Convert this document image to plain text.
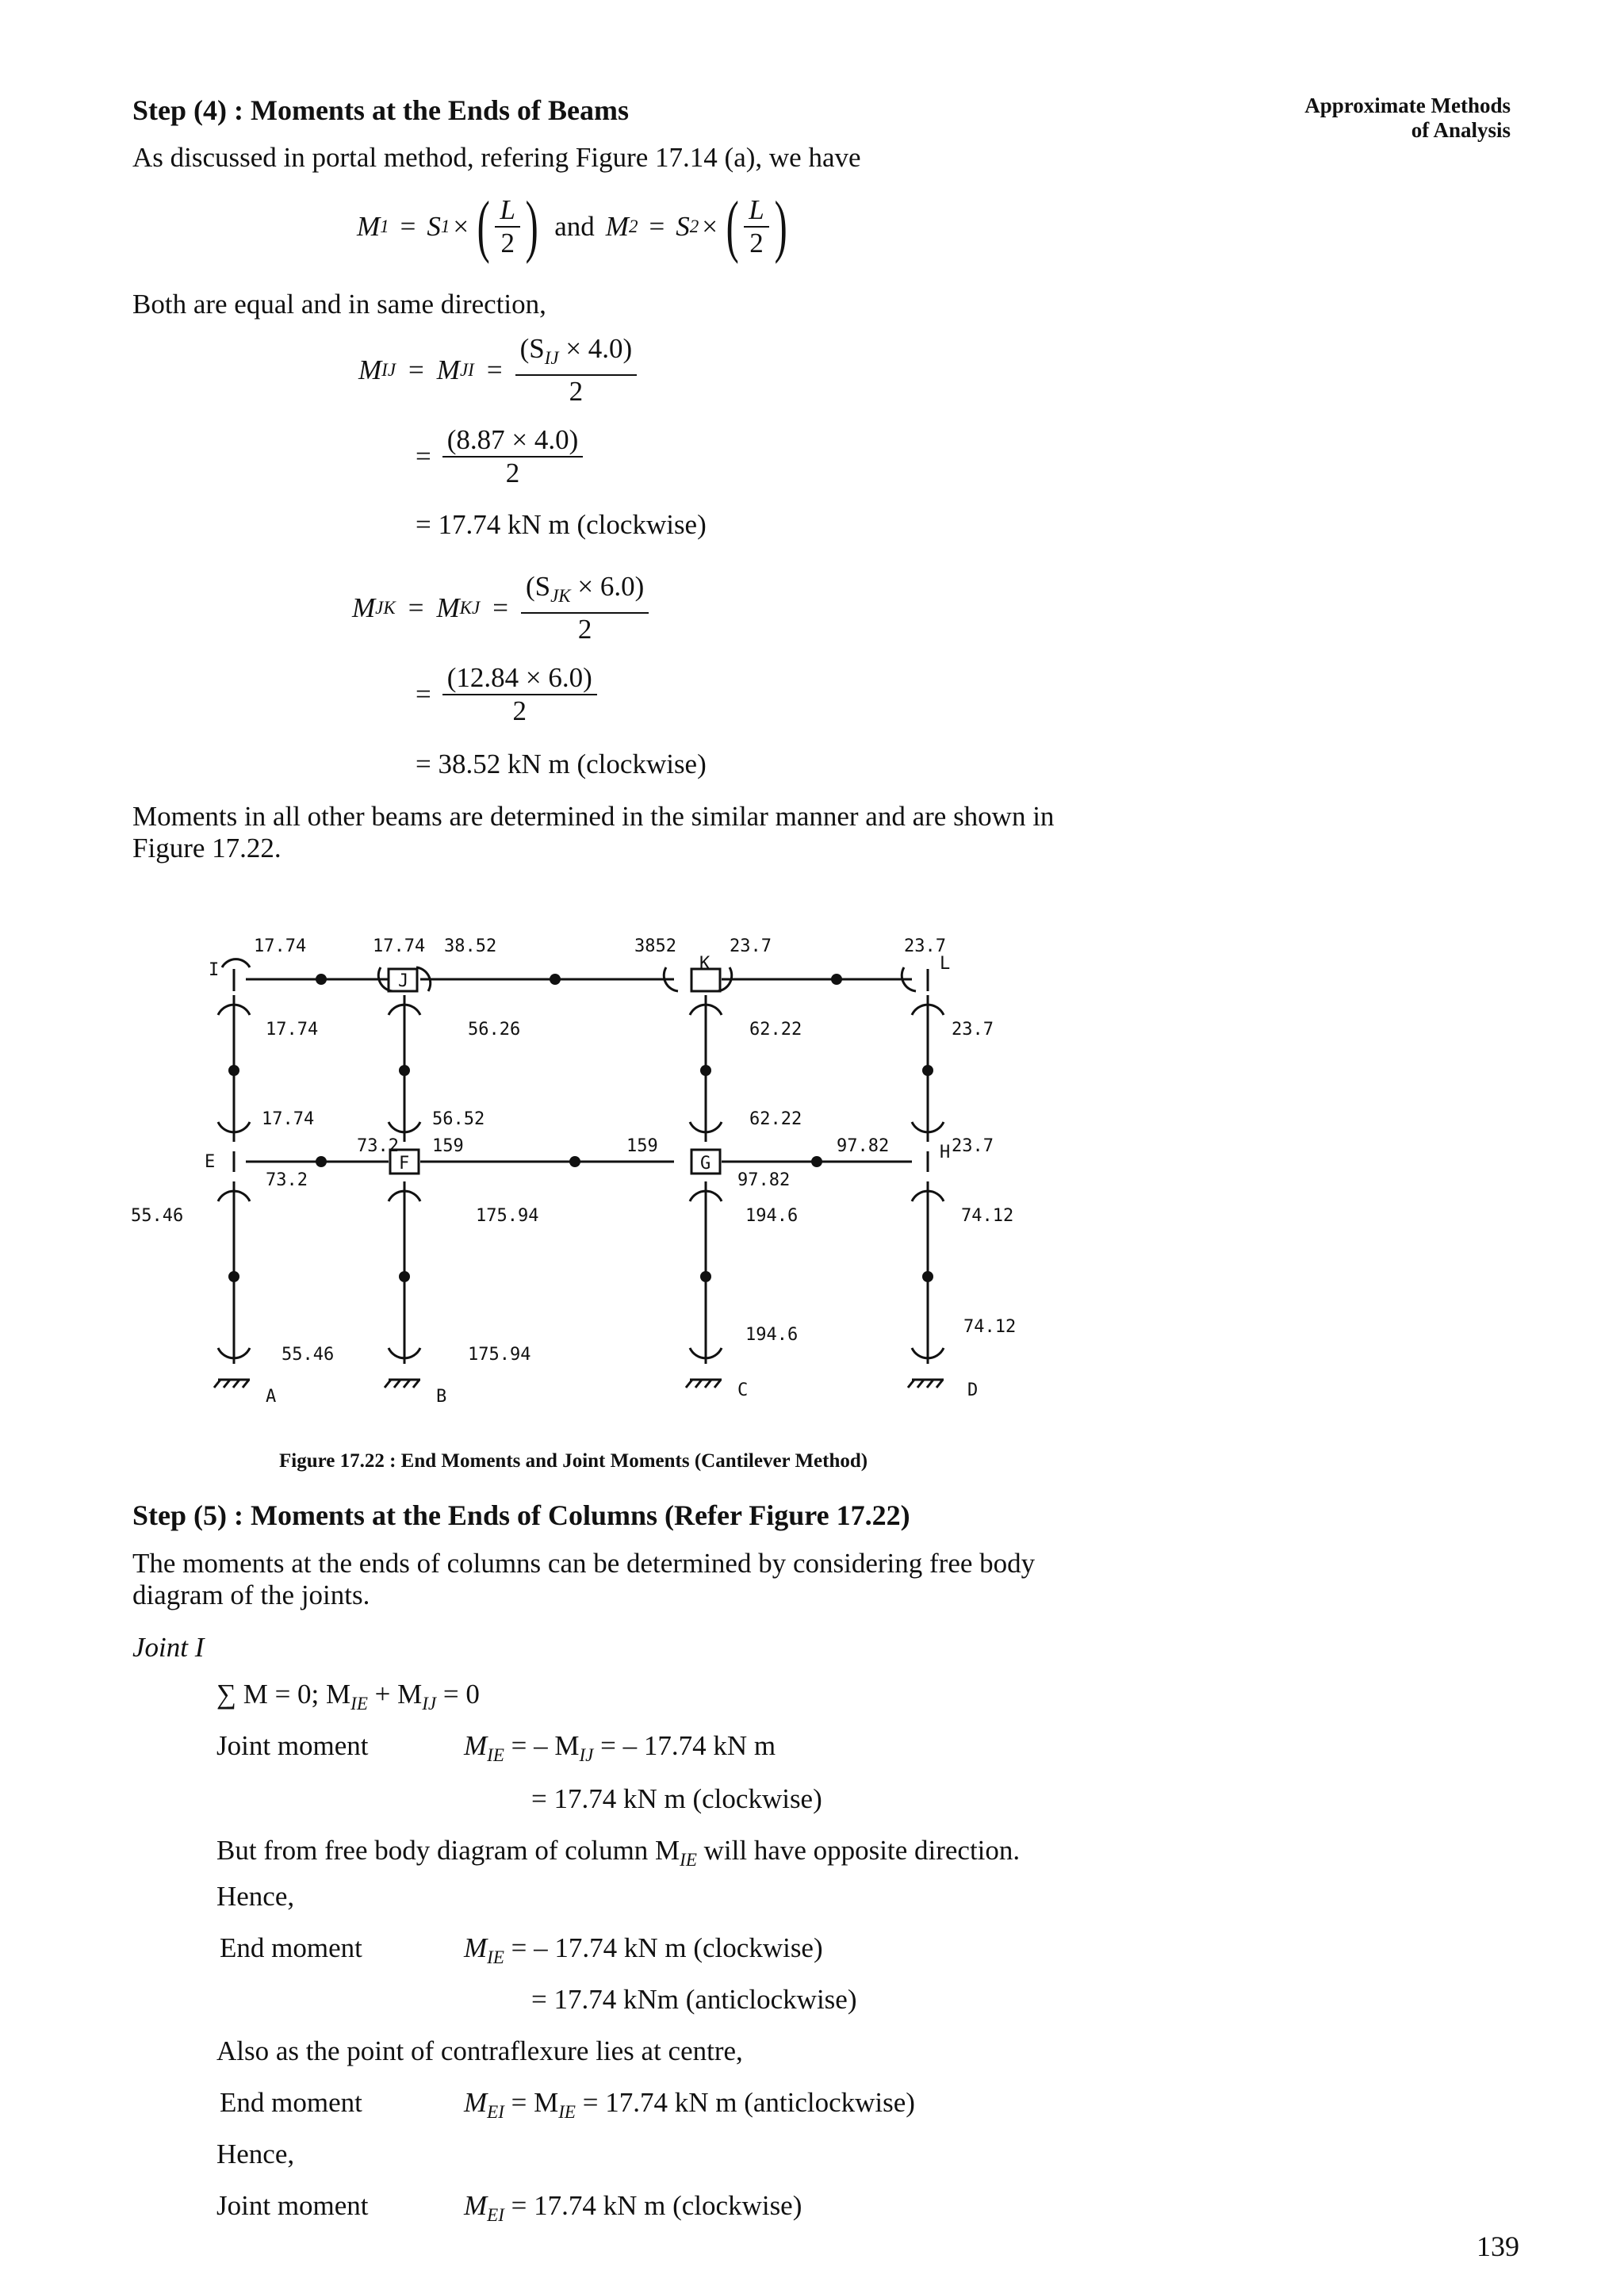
Approximate Methods
of Analysis
Step (4) : Moments at the Ends of Beams
As discussed in portal method, refering Figure 17.14 (a), we have
M 1 = S 1 × ( $\frac{L}{2}$ ) and M 2 = S 2 × ( $\frac{L}{2}$ )
Both are equal and in same direction,
M IJ = M JI = $\frac{(S_{IJ} \times 4.0)}{2}$
= $\frac{(8.87 \times 4.0)}{2}$
= 17.74 kN m (clockwise)
M JK = M KJ = $\frac{(S_{JK} \times 6.0)}{2}$
= $\frac{(12.84 \times 6.0)}{2}$
= 38.52 kN m (clockwise)
Moments in all other beams are determined in the similar manner and are shown in
Figure 17.22.
17.74	17.74 38.52	3852	23.7	23.7
I
J
K	L
E	F	G
H
A	B	C	D
17.74	56.26	62.22	23.7
17.74	56.52
73.2 159	159
62.22
97.82	23.7
73.2	97.82
55.46	175.94	194.6	74.12
55.46	175.94
194.6	74.12
Figure 17.22 : End Moments and Joint Moments (Cantilever Method)
Step (5) : Moments at the Ends of Columns (Refer Figure 17.22)
The moments at the ends of columns can be determined by considering free body
diagram of the joints.
Joint I
∑ M = 0; $M_{IE} + M_{IJ} = 0$
Joint moment	$M_{IE}$ = – $M_{IJ}$ = – 17.74 kN m
= 17.74 kN m (clockwise)
But from free body diagram of column $M_{IE}$ will have opposite direction.
Hence,
End moment	$M_{IE}$ = – 17.74 kN m (clockwise)
= 17.74 kNm (anticlockwise)
Also as the point of contraflexure lies at centre,
End moment	$M_{EI} = M_{IE} = 17.74$ kN m (anticlockwise)
Hence,
Joint moment	$M_{EI} = 17.74$ kN m (clockwise)
139
